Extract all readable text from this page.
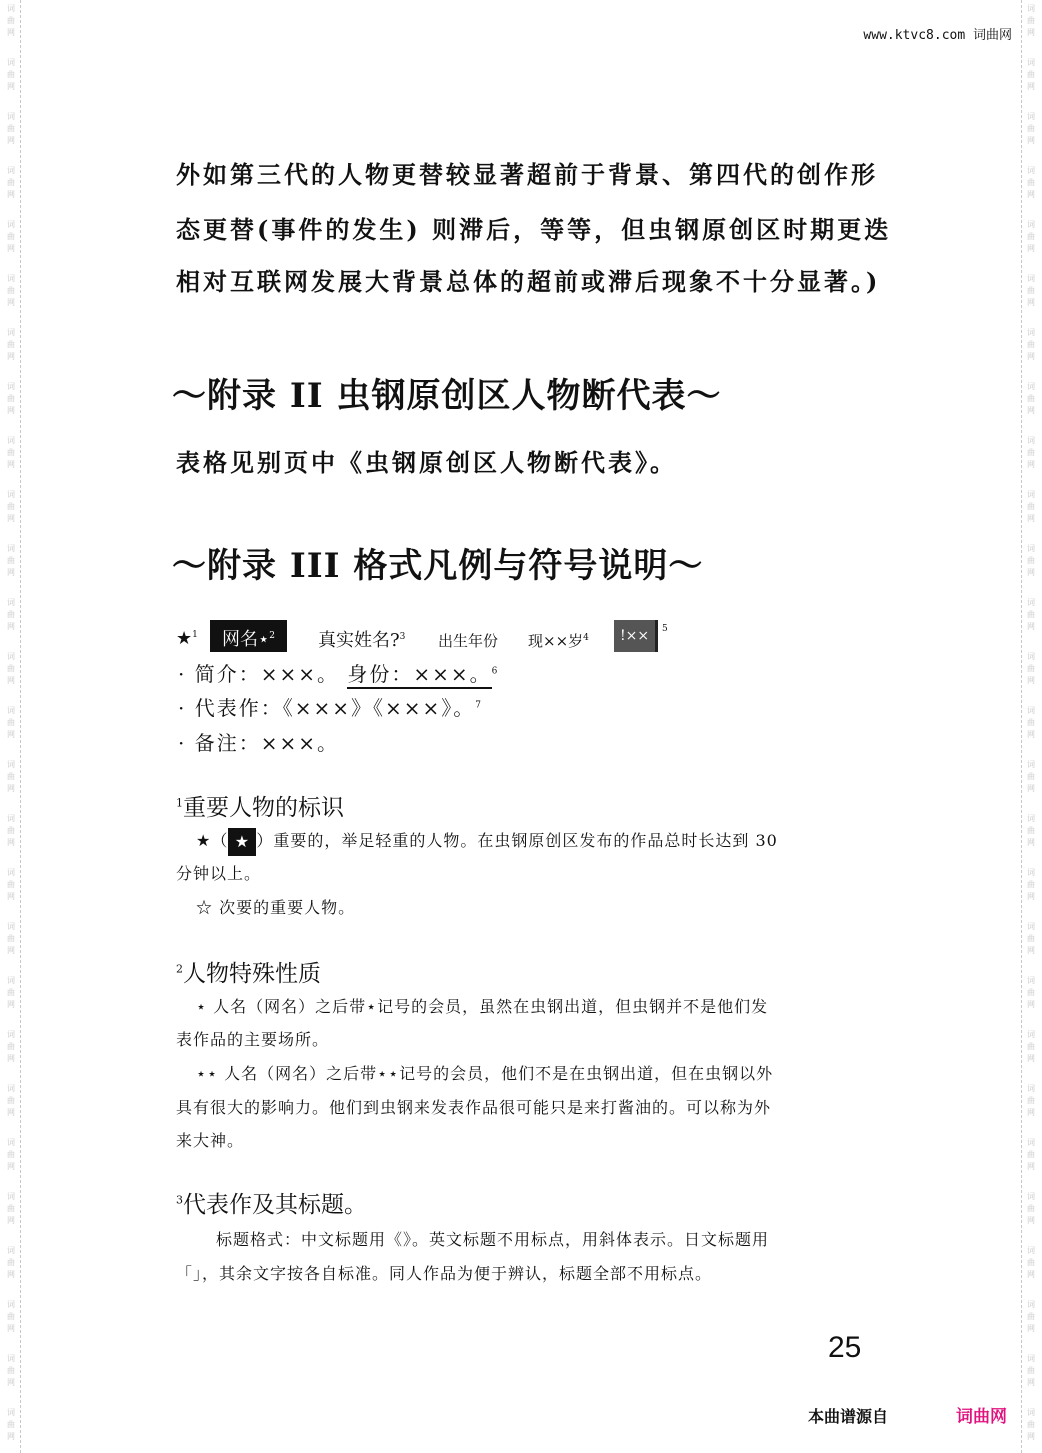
词
曲
网
词
曲
网
词
曲
网
词
曲
网
词
曲
网
词
曲
网
词
曲
网
词
曲
网
词
曲
网
词
曲
网
词
曲
网
词
曲
网
词
曲
网
词
曲
网
词
曲
网
词
曲
网
词
曲
网
词
曲
网
词
曲
网
词
曲
网
词
曲
网
词
曲
网
词
曲
网
词
曲
网
词
曲
网
词
曲
网
词
曲
网
词
曲
网
词
曲
网
词
曲
网
词
曲
网
词
曲
网
词
曲
网
词
曲
网
词
曲
网
词
曲
网
词
曲
网
词
曲
网
词
曲
网
词
曲
网
词
曲
网
词
曲
网
词
曲
网
词
曲
网
词
曲
网
词
曲
网
词
曲
网
词
曲
网
词
曲
网
词
曲
网
词
曲
网
词
曲
网
词
曲
网
词
曲
网
www.ktvc8.com 词曲网
外如第三代的人物更替较显著超前于背景、第四代的创作形
态更替(事件的发生) 则滞后，等等，但虫钢原创区时期更迭
相对互联网发展大背景总体的超前或滞后现象不十分显著。)
～附录 II 虫钢原创区人物断代表～
表格见别页中《虫钢原创区人物断代表》。
～附录 III 格式凡例与符号说明～
★$^1$	网名⋆$^2$	真实姓名?$^3$ 出生年份 现××岁$^4$	!××	5
· 简介：×××。 身份：×××。$^6$
· 代表作：《×××》《×××》。$^7$
· 备注：×××。
$^1$重要人物的标识
★（ ★ ）重要的，举足轻重的人物。在虫钢原创区发布的作品总时长达到 30
分钟以上。
☆ 次要的重要人物。
$^2$人物特殊性质
⋆ 人名（网名）之后带⋆记号的会员，虽然在虫钢出道，但虫钢并不是他们发
表作品的主要场所。
⋆⋆ 人名（网名）之后带⋆⋆记号的会员，他们不是在虫钢出道，但在虫钢以外
具有很大的影响力。他们到虫钢来发表作品很可能只是来打酱油的。可以称为外
来大神。
$^3$代表作及其标题。
标题格式：中文标题用《》。英文标题不用标点，用斜体表示。日文标题用
「」，其余文字按各自标准。同人作品为便于辨认，标题全部不用标点。
25
本曲谱源自	词曲网
